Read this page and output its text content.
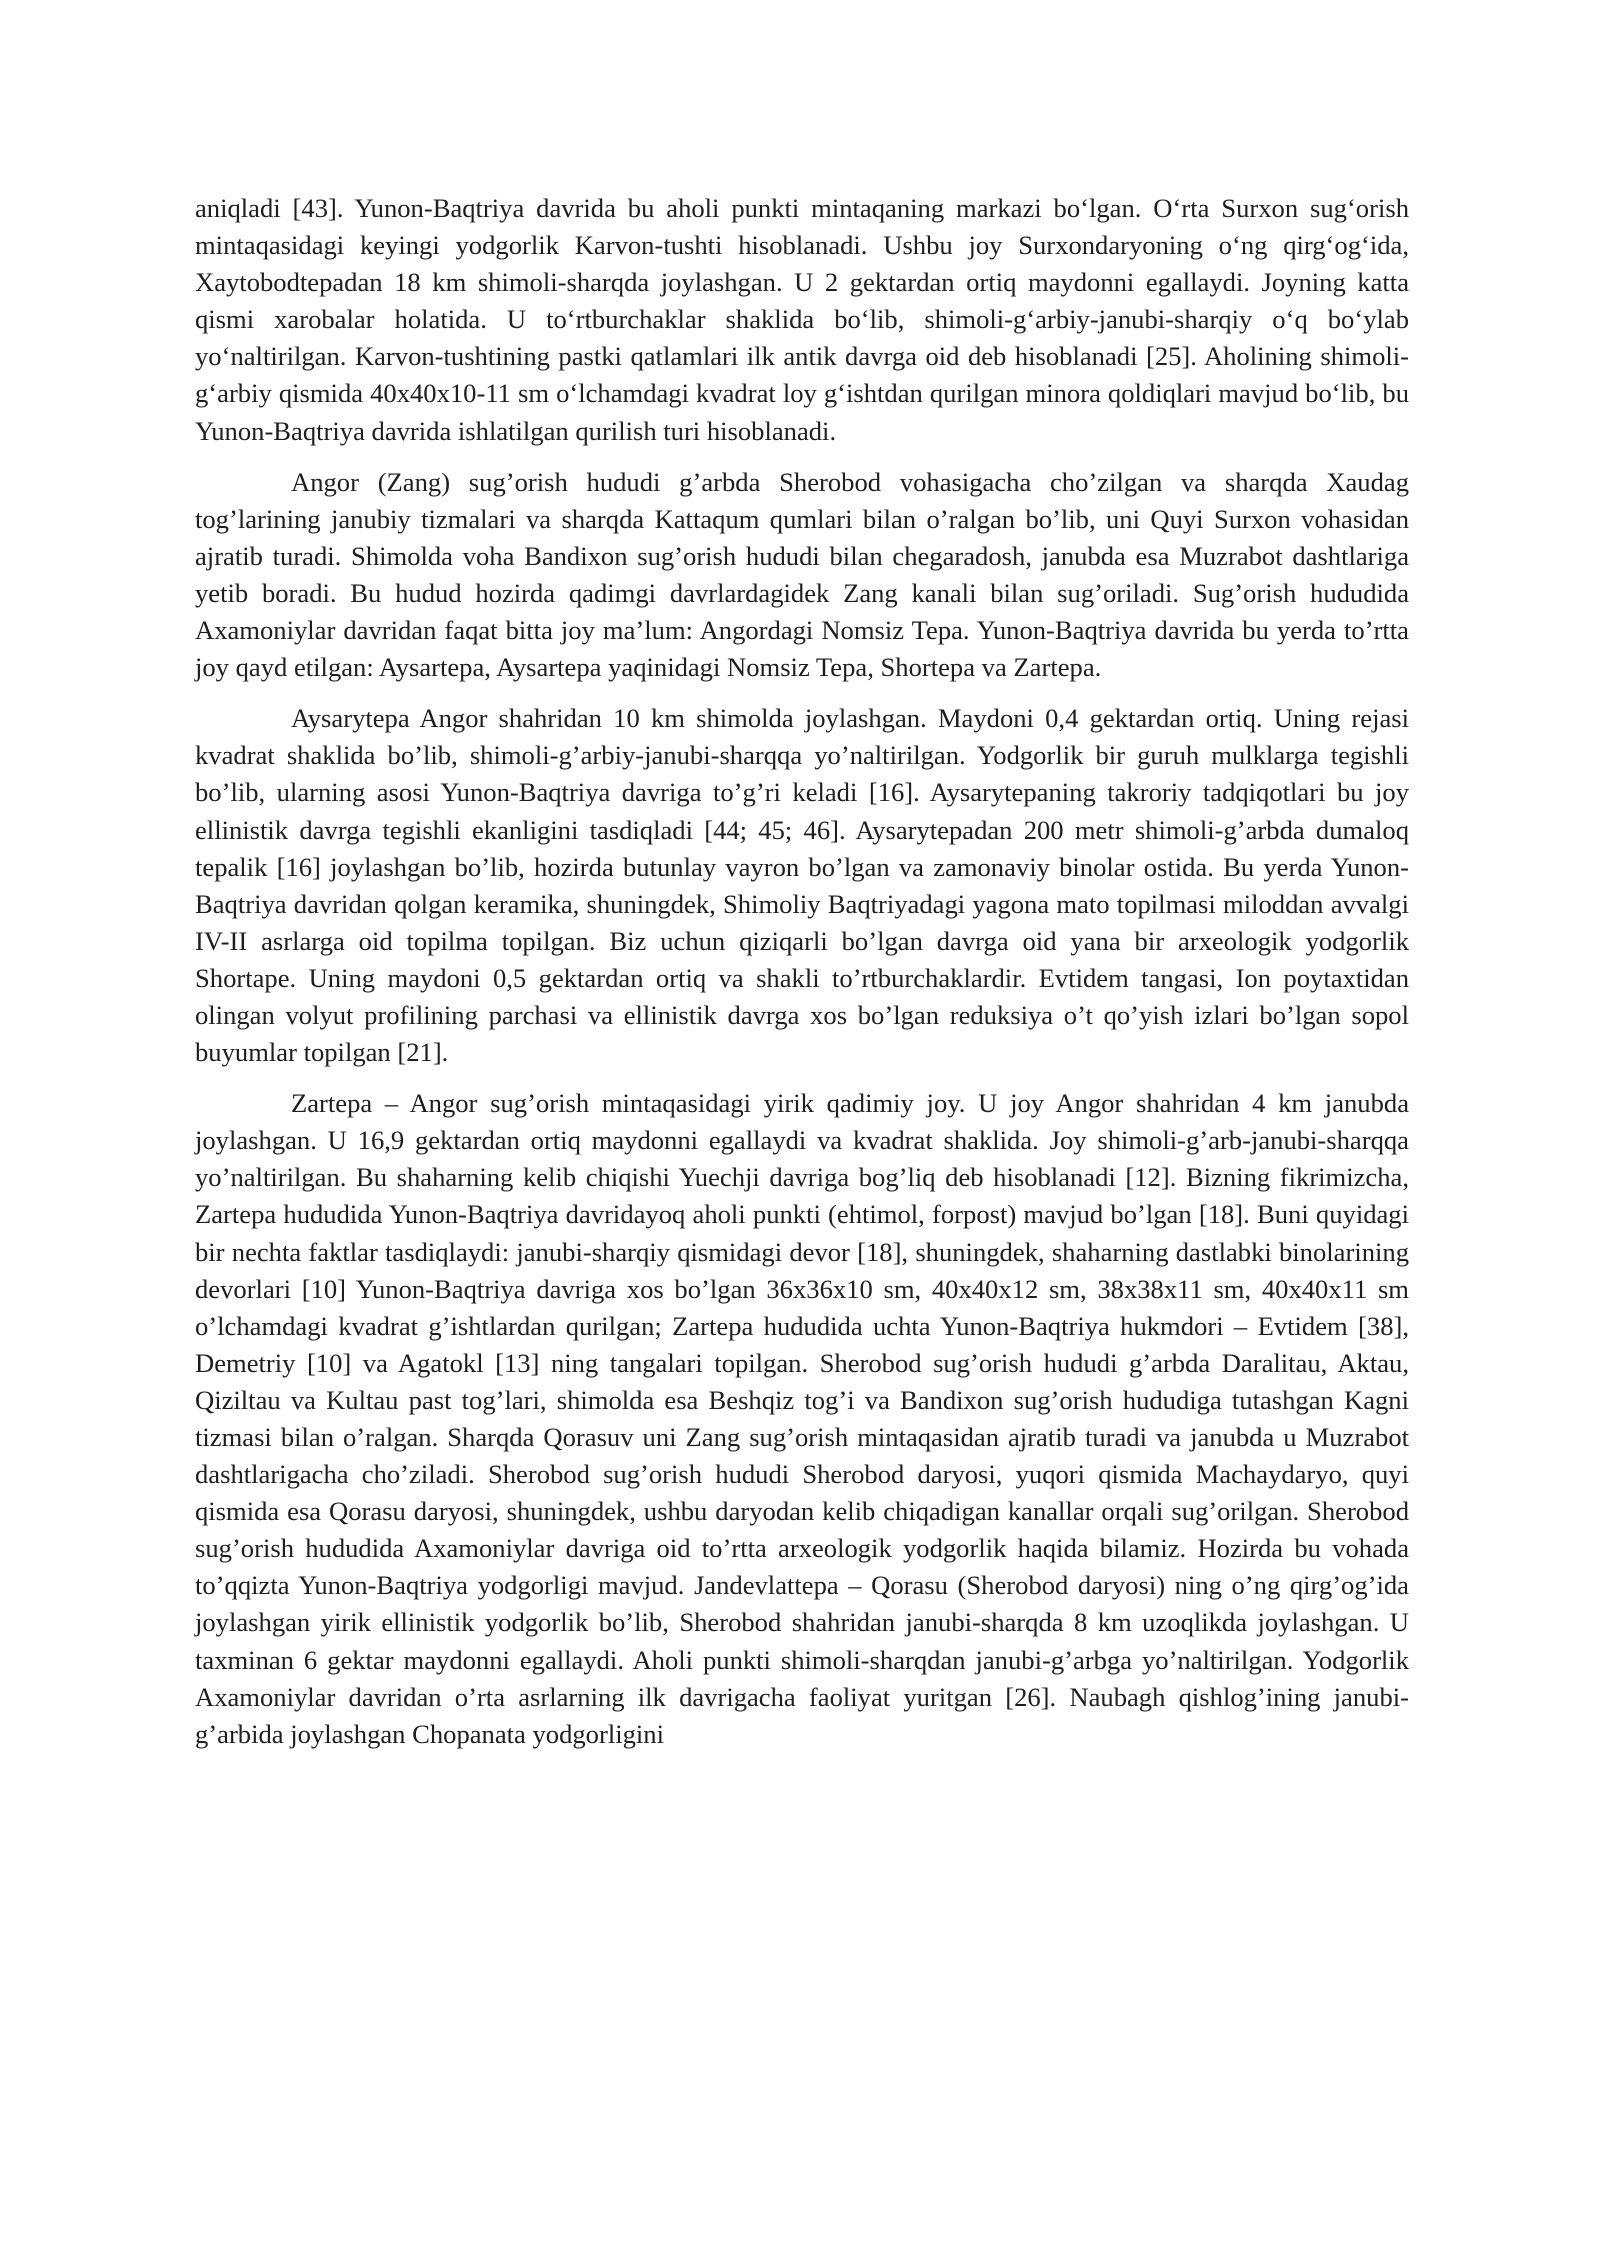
aniqladi [43]. Yunon-Baqtriya davrida bu aholi punkti mintaqaning markazi bo‘lgan. O‘rta Surxon sug‘orish mintaqasidagi keyingi yodgorlik Karvon-tushti hisoblanadi. Ushbu joy Surxondaryoning o‘ng qirg‘og‘ida, Xaytobodtepadan 18 km shimoli-sharqda joylashgan. U 2 gektardan ortiq maydonni egallaydi. Joyning katta qismi xarobalar holatida. U to‘rtburchaklar shaklida bo‘lib, shimoli-g‘arbiy-janubi-sharqiy o‘q bo‘ylab yo‘naltirilgan. Karvon-tushtining pastki qatlamlari ilk antik davrga oid deb hisoblanadi [25]. Aholining shimoli-g‘arbiy qismida 40x40x10-11 sm o‘lchamdagi kvadrat loy g‘ishtdan qurilgan minora qoldiqlari mavjud bo‘lib, bu Yunon-Baqtriya davrida ishlatilgan qurilish turi hisoblanadi.

Angor (Zang) sug’orish hududi g’arbda Sherobod vohasigacha cho’zilgan va sharqda Xaudag tog’larining janubiy tizmalari va sharqda Kattaqum qumlari bilan o’ralgan bo’lib, uni Quyi Surxon vohasidan ajratib turadi. Shimolda voha Bandixon sug’orish hududi bilan chegaradosh, janubda esa Muzrabot dashtlariga yetib boradi. Bu hudud hozirda qadimgi davrlardagidek Zang kanali bilan sug’oriladi. Sug’orish hududida Axamoniylar davridan faqat bitta joy ma’lum: Angordagi Nomsiz Tepa. Yunon-Baqtriya davrida bu yerda to’rtta joy qayd etilgan: Aysartepa, Aysartepa yaqinidagi Nomsiz Tepa, Shortepa va Zartepa.

Aysarytepa Angor shahridan 10 km shimolda joylashgan. Maydoni 0,4 gektardan ortiq. Uning rejasi kvadrat shaklida bo’lib, shimoli-g’arbiy-janubi-sharqqa yo’naltirilgan. Yodgorlik bir guruh mulklarga tegishli bo’lib, ularning asosi Yunon-Baqtriya davriga to’g’ri keladi [16]. Aysarytepaning takroriy tadqiqotlari bu joy ellinistik davrga tegishli ekanligini tasdiqladi [44; 45; 46]. Aysarytepadan 200 metr shimoli-g’arbda dumaloq tepalik [16] joylashgan bo’lib, hozirda butunlay vayron bo’lgan va zamonaviy binolar ostida. Bu yerda Yunon-Baqtriya davridan qolgan keramika, shuningdek, Shimoliy Baqtriyadagi yagona mato topilmasi miloddan avvalgi IV-II asrlarga oid topilma topilgan. Biz uchun qiziqarli bo’lgan davrga oid yana bir arxeologik yodgorlik Shortape. Uning maydoni 0,5 gektardan ortiq va shakli to’rtburchaklardir. Evtidem tangasi, Ion poytaxtidan olingan volyut profilining parchasi va ellinistik davrga xos bo’lgan reduksiya o’t qo’yish izlari bo’lgan sopol buyumlar topilgan [21].

Zartepa – Angor sug’orish mintaqasidagi yirik qadimiy joy. U joy Angor shahridan 4 km janubda joylashgan. U 16,9 gektardan ortiq maydonni egallaydi va kvadrat shaklida. Joy shimoli-g’arb-janubi-sharqqa yo’naltirilgan. Bu shaharning kelib chiqishi Yuechji davriga bog’liq deb hisoblanadi [12]. Bizning fikrimizcha, Zartepa hududida Yunon-Baqtriya davridayoq aholi punkti (ehtimol, forpost) mavjud bo’lgan [18]. Buni quyidagi bir nechta faktlar tasdiqlaydi: janubi-sharqiy qismidagi devor [18], shuningdek, shaharning dastlabki binolarining devorlari [10] Yunon-Baqtriya davriga xos bo’lgan 36x36x10 sm, 40x40x12 sm, 38x38x11 sm, 40x40x11 sm o’lchamdagi kvadrat g’ishtlardan qurilgan; Zartepa hududida uchta Yunon-Baqtriya hukmdori – Evtidem [38], Demetriy [10] va Agatokl [13] ning tangalari topilgan. Sherobod sug’orish hududi g’arbda Daralitau, Aktau, Qiziltau va Kultau past tog’lari, shimolda esa Beshqiz tog’i va Bandixon sug’orish hududiga tutashgan Kagni tizmasi bilan o’ralgan. Sharqda Qorasuv uni Zang sug’orish mintaqasidan ajratib turadi va janubda u Muzrabot dashtlarigacha cho’ziladi. Sherobod sug’orish hududi Sherobod daryosi, yuqori qismida Machaydaryo, quyi qismida esa Qorasu daryosi, shuningdek, ushbu daryodan kelib chiqadigan kanallar orqali sug’orilgan. Sherobod sug’orish hududida Axamoniylar davriga oid to’rtta arxeologik yodgorlik haqida bilamiz. Hozirda bu vohada to’qqizta Yunon-Baqtriya yodgorligi mavjud. Jandevlattepa – Qorasu (Sherobod daryosi) ning o’ng qirg’og’ida joylashgan yirik ellinistik yodgorlik bo’lib, Sherobod shahridan janubi-sharqda 8 km uzoqlikda joylashgan. U taxminan 6 gektar maydonni egallaydi. Aholi punkti shimoli-sharqdan janubi-g’arbga yo’naltirilgan. Yodgorlik Axamoniylar davridan o’rta asrlarning ilk davrigacha faoliyat yuritgan [26]. Naubagh qishlog’ining janubi-g’arbida joylashgan Chopanata yodgorligini
